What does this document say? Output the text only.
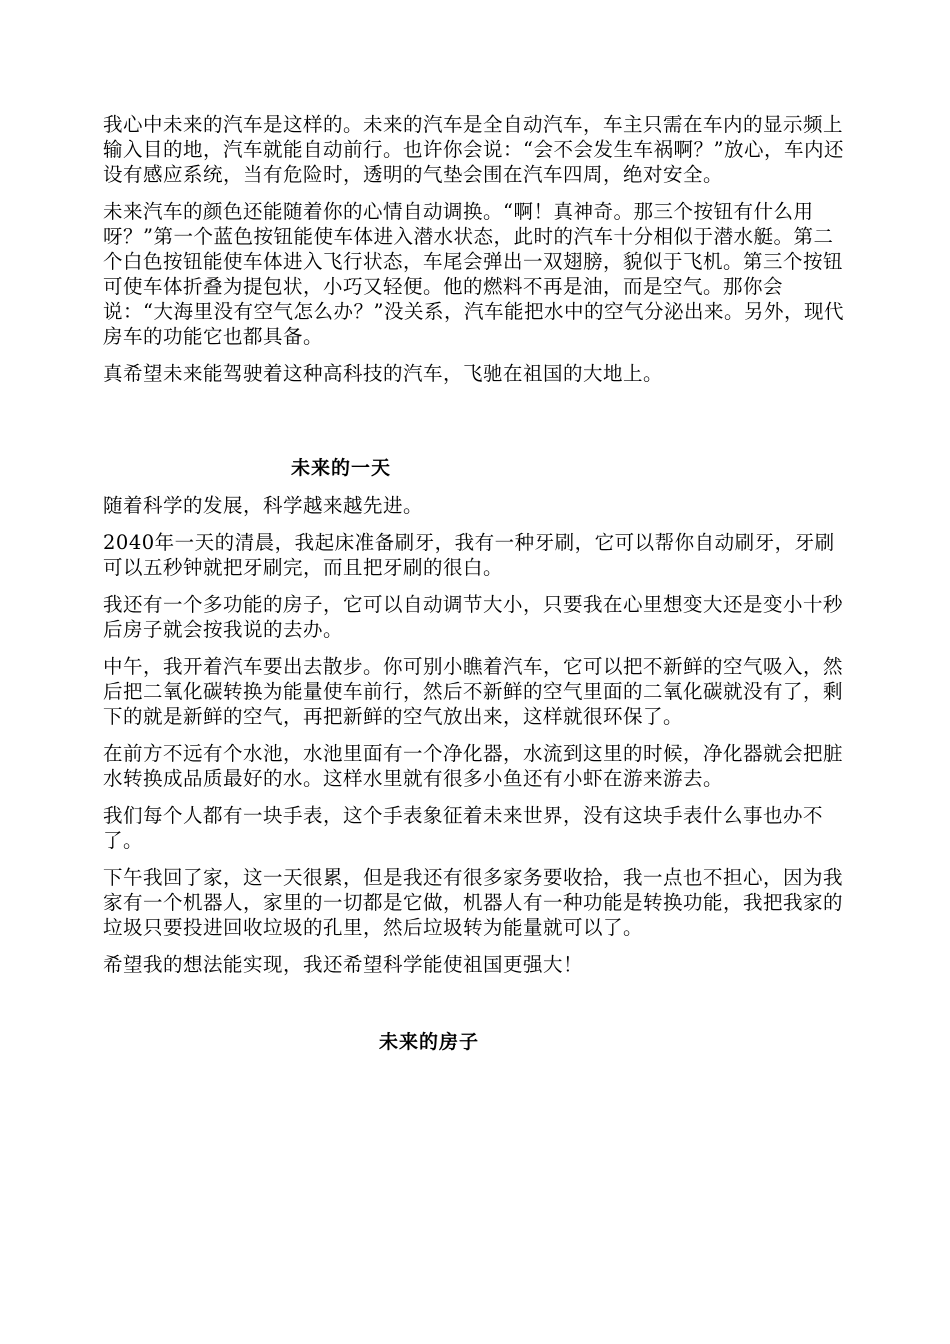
我心中未来的汽车是这样的。未来的汽车是全自动汽车，车主只需在车内的显示频上输入目的地，汽车就能自动前行。也许你会说：“会不会发生车祸啊？”放心，车内还设有感应系统，当有危险时，透明的气垫会围在汽车四周，绝对安全。

未来汽车的颜色还能随着你的心情自动调换。“啊！真神奇。那三个按钮有什么用呀？”第一个蓝色按钮能使车体进入潜水状态，此时的汽车十分相似于潜水艇。第二个白色按钮能使车体进入飞行状态，车尾会弹出一双翅膀，貌似于飞机。第三个按钮可使车体折叠为提包状，小巧又轻便。他的燃料不再是油，而是空气。那你会说：“大海里没有空气怎么办？”没关系，汽车能把水中的空气分泌出来。另外，现代房车的功能它也都具备。

真希望未来能驾驶着这种高科技的汽车，飞驰在祖国的大地上。

未来的一天

随着科学的发展，科学越来越先进。

2040年一天的清晨，我起床准备刷牙，我有一种牙刷，它可以帮你自动刷牙，牙刷可以五秒钟就把牙刷完，而且把牙刷的很白。

我还有一个多功能的房子，它可以自动调节大小，只要我在心里想变大还是变小十秒后房子就会按我说的去办。

中午，我开着汽车要出去散步。你可别小瞧着汽车，它可以把不新鲜的空气吸入，然后把二氧化碳转换为能量使车前行，然后不新鲜的空气里面的二氧化碳就没有了，剩下的就是新鲜的空气，再把新鲜的空气放出来，这样就很环保了。

在前方不远有个水池，水池里面有一个净化器，水流到这里的时候，净化器就会把脏水转换成品质最好的水。这样水里就有很多小鱼还有小虾在游来游去。

我们每个人都有一块手表，这个手表象征着未来世界，没有这块手表什么事也办不了。

下午我回了家，这一天很累，但是我还有很多家务要收拾，我一点也不担心，因为我家有一个机器人，家里的一切都是它做，机器人有一种功能是转换功能，我把我家的垃圾只要投进回收垃圾的孔里，然后垃圾转为能量就可以了。

希望我的想法能实现，我还希望科学能使祖国更强大！

未来的房子
